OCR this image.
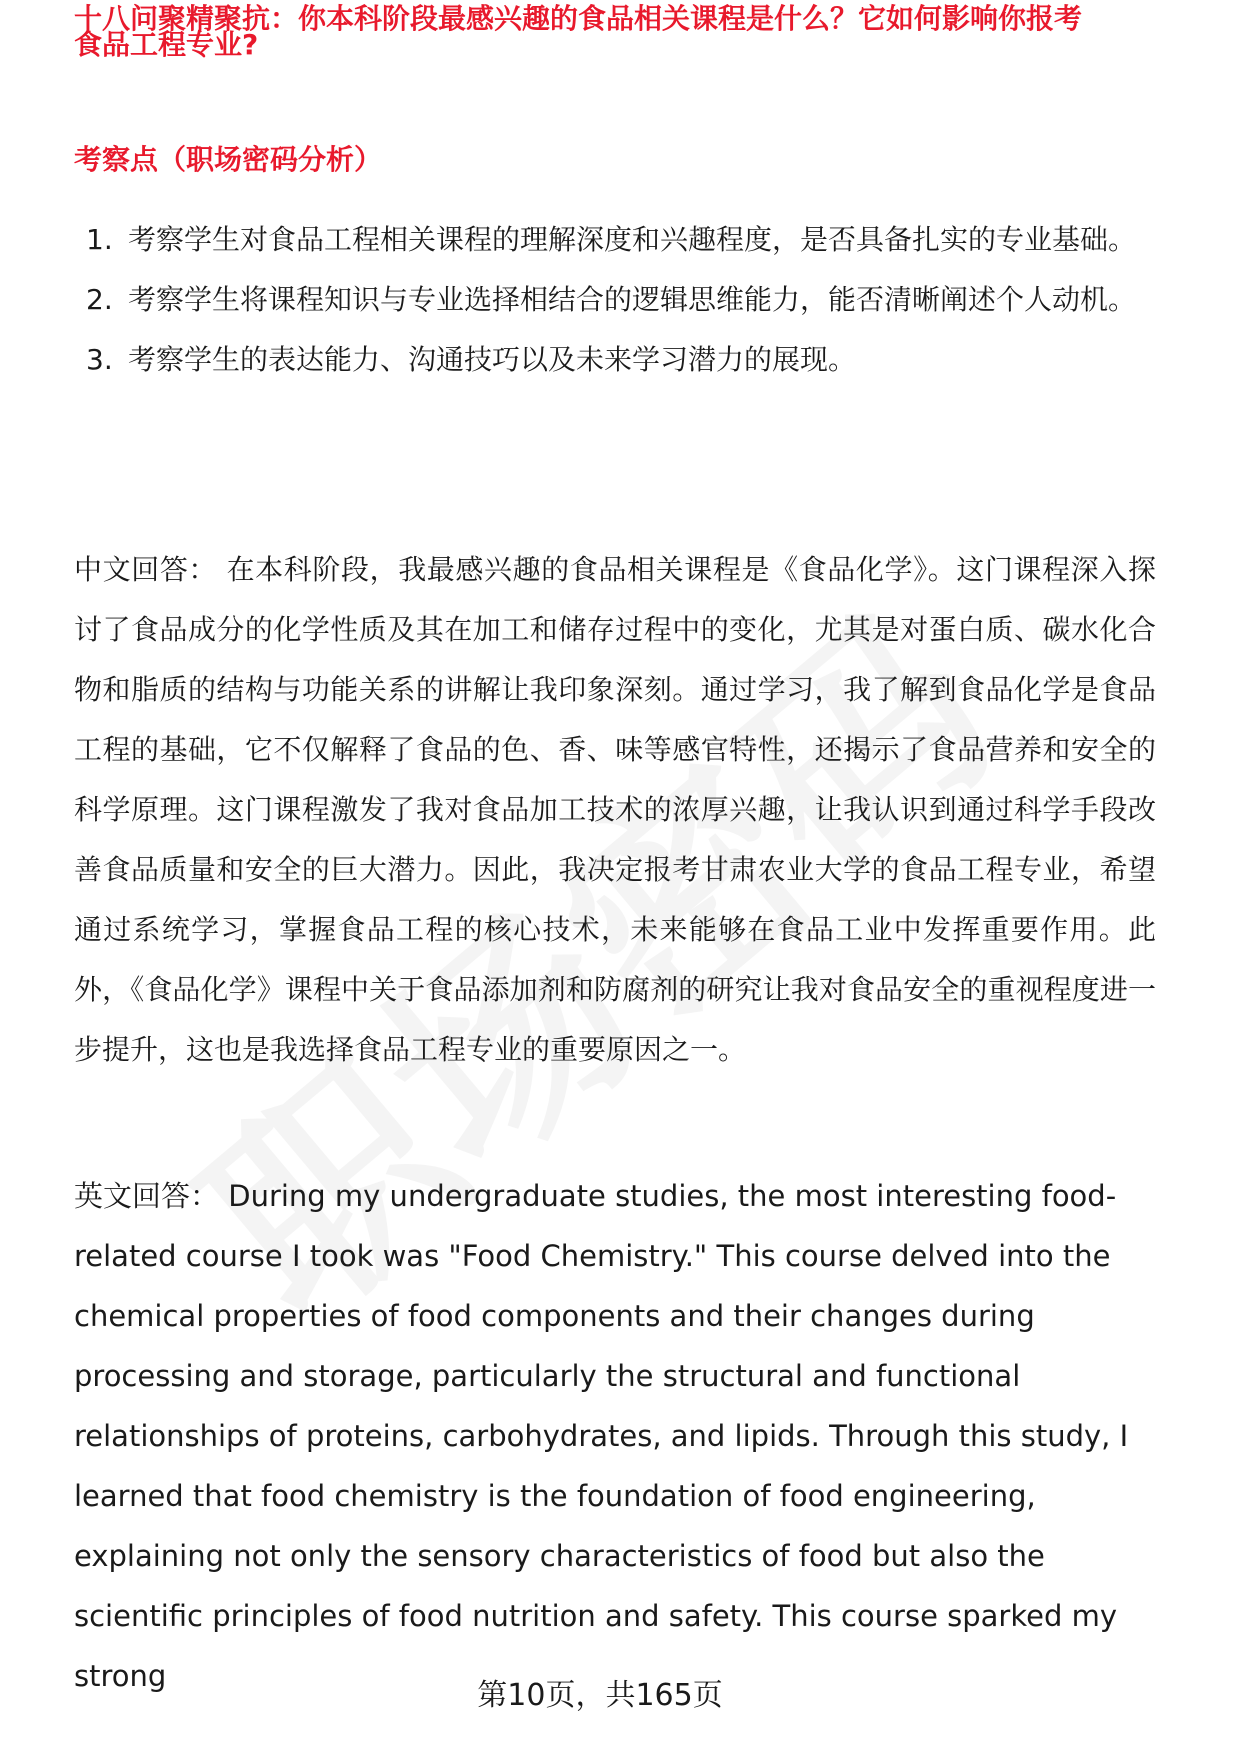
十八问聚精聚抗：你本科阶段最感兴趣的食品相关课程是什么？它如何影响你报考
食品工程专业?
考察点（职场密码分析）
1. 考察学生对食品工程相关课程的理解深度和兴趣程度，是否具备扎实的专业基础。
2. 考察学生将课程知识与专业选择相结合的逻辑思维能力，能否清晰阐述个人动机。
3. 考察学生的表达能力、沟通技巧以及未来学习潜力的展现。

中文回答： 在本科阶段，我最感兴趣的食品相关课程是《食品化学》。这门课程深入探讨了食品成分的化学性质及其在加工和储存过程中的变化，尤其是对蛋白质、碳水化合物和脂质的结构与功能关系的讲解让我印象深刻。通过学习，我了解到食品化学是食品工程的基础，它不仅解释了食品的色、香、味等感官特性，还揭示了食品营养和安全的科学原理。这门课程激发了我对食品加工技术的浓厚兴趣，让我认识到通过科学手段改善食品质量和安全的巨大潜力。因此，我决定报考甘肃农业大学的食品工程专业，希望通过系统学习，掌握食品工程的核心技术，未来能够在食品工业中发挥重要作用。此外，《食品化学》课程中关于食品添加剂和防腐剂的研究让我对食品安全的重视程度进一步提升，这也是我选择食品工程专业的重要原因之一。

英文回答： During my undergraduate studies, the most interesting food-related course I took was "Food Chemistry." This course delved into the chemical properties of food components and their changes during processing and storage, particularly the structural and functional relationships of proteins, carbohydrates, and lipids. Through this study, I learned that food chemistry is the foundation of food engineering, explaining not only the sensory characteristics of food but also the scientific principles of food nutrition and safety. This course sparked my strong

第10页，共165页
